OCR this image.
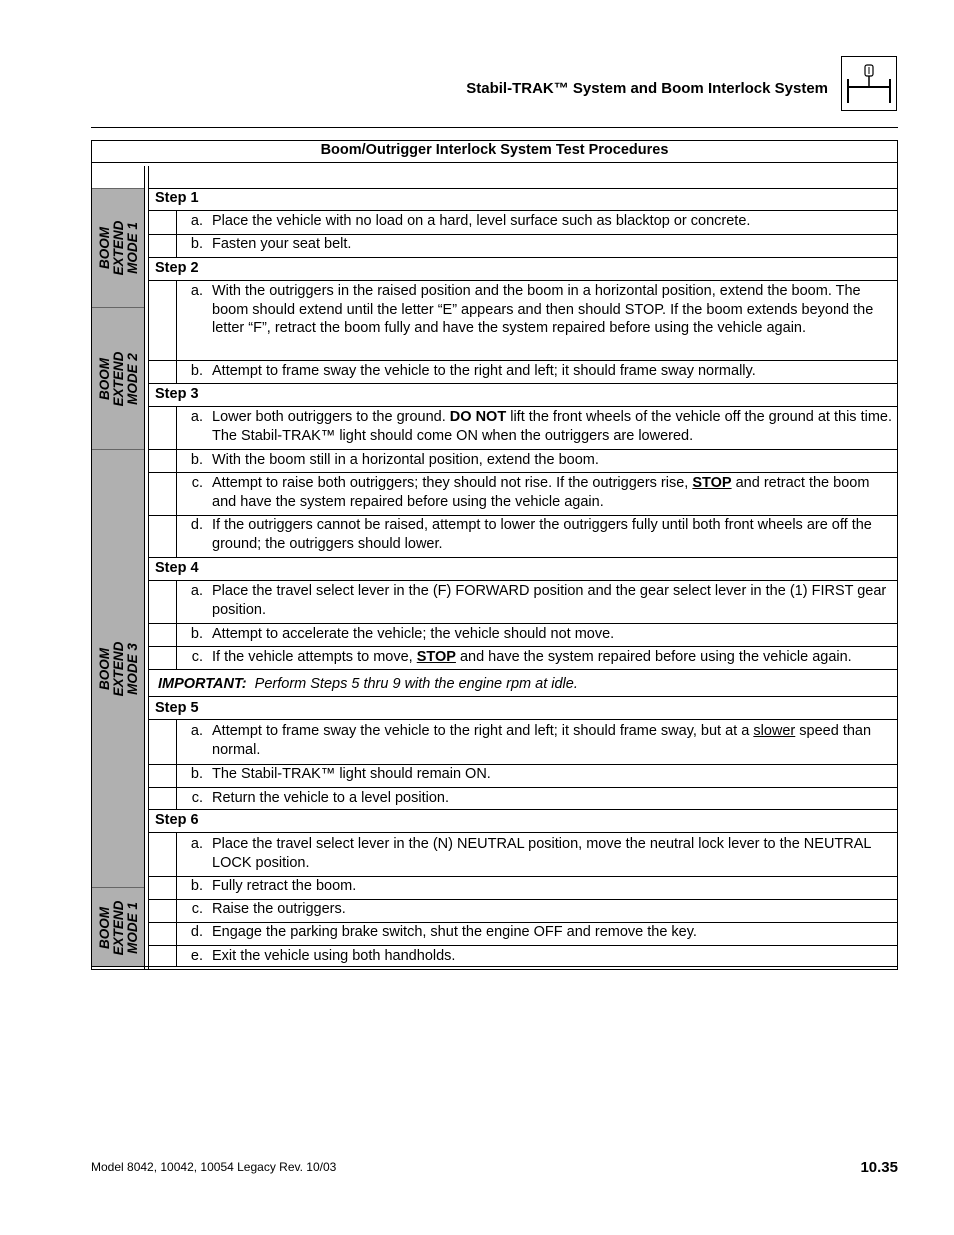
Stabil-TRAK™ System and Boom Interlock System
Boom/Outrigger Interlock System Test Procedures
BOOM EXTEND MODE 1
BOOM EXTEND MODE 2
BOOM EXTEND MODE 3
BOOM EXTEND MODE 1
Step 1
a. Place the vehicle with no load on a hard, level surface such as blacktop or concrete.
b. Fasten your seat belt.
Step 2
a. With the outriggers in the raised position and the boom in a horizontal position, extend the boom. The boom should extend until the letter “E” appears and then should STOP. If the boom extends beyond the letter “F”, retract the boom fully and have the system repaired before using the vehicle again.
b. Attempt to frame sway the vehicle to the right and left; it should frame sway normally.
Step 3
a. Lower both outriggers to the ground. DO NOT lift the front wheels of the vehicle off the ground at this time. The Stabil-TRAK™ light should come ON when the outriggers are lowered.
b. With the boom still in a horizontal position, extend the boom.
c. Attempt to raise both outriggers; they should not rise. If the outriggers rise, STOP and retract the boom and have the system repaired before using the vehicle again.
d. If the outriggers cannot be raised, attempt to lower the outriggers fully until both front wheels are off the ground; the outriggers should lower.
Step 4
a. Place the travel select lever in the (F) FORWARD position and the gear select lever in the (1) FIRST gear position.
b. Attempt to accelerate the vehicle; the vehicle should not move.
c. If the vehicle attempts to move, STOP and have the system repaired before using the vehicle again.
IMPORTANT: Perform Steps 5 thru 9 with the engine rpm at idle.
Step 5
a. Attempt to frame sway the vehicle to the right and left; it should frame sway, but at a slower speed than normal.
b. The Stabil-TRAK™ light should remain ON.
c. Return the vehicle to a level position.
Step 6
a. Place the travel select lever in the (N) NEUTRAL position, move the neutral lock lever to the NEUTRAL LOCK position.
b. Fully retract the boom.
c. Raise the outriggers.
d. Engage the parking brake switch, shut the engine OFF and remove the key.
e. Exit the vehicle using both handholds.
Model 8042, 10042, 10054 Legacy Rev. 10/03	10.35
